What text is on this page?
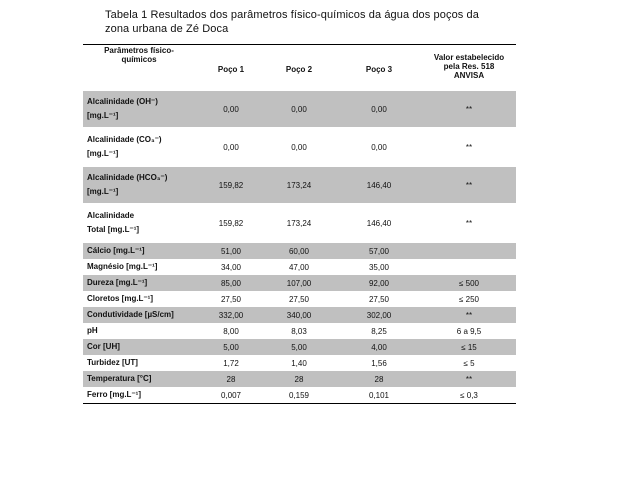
Tabela 1 Resultados dos parâmetros físico-químicos da água dos poços da
zona urbana de Zé Doca
Parâmetros físico-
químicos
Poço 1	Poço 2	Poço 3
Valor estabelecido
pela Res. 518
ANVISA
Alcalinidade (OH⁻)
[mg.L⁻¹]
0,00	0,00	0,00	**
Alcalinidade (CO₃⁻)
[mg.L⁻¹]
0,00	0,00	0,00	**
Alcalinidade (HCO₃⁻)
[mg.L⁻¹]
159,82	173,24	146,40	**
Alcalinidade
Total [mg.L⁻¹]
159,82	173,24	146,40	**
Cálcio [mg.L⁻¹]	51,00	60,00	57,00
Magnésio [mg.L⁻¹]	34,00	47,00	35,00
Dureza [mg.L⁻¹]	85,00	107,00	92,00	≤ 500
Cloretos [mg.L⁻¹]	27,50	27,50	27,50	≤ 250
Condutividade [µS/cm]	332,00	340,00	302,00	**
pH	8,00	8,03	8,25	6 a 9,5
Cor [UH]	5,00	5,00	4,00	≤ 15
Turbidez [UT]	1,72	1,40	1,56	≤ 5
Temperatura [°C]	28	28	28	**
Ferro [mg.L⁻¹]	0,007	0,159	0,101	≤ 0,3
